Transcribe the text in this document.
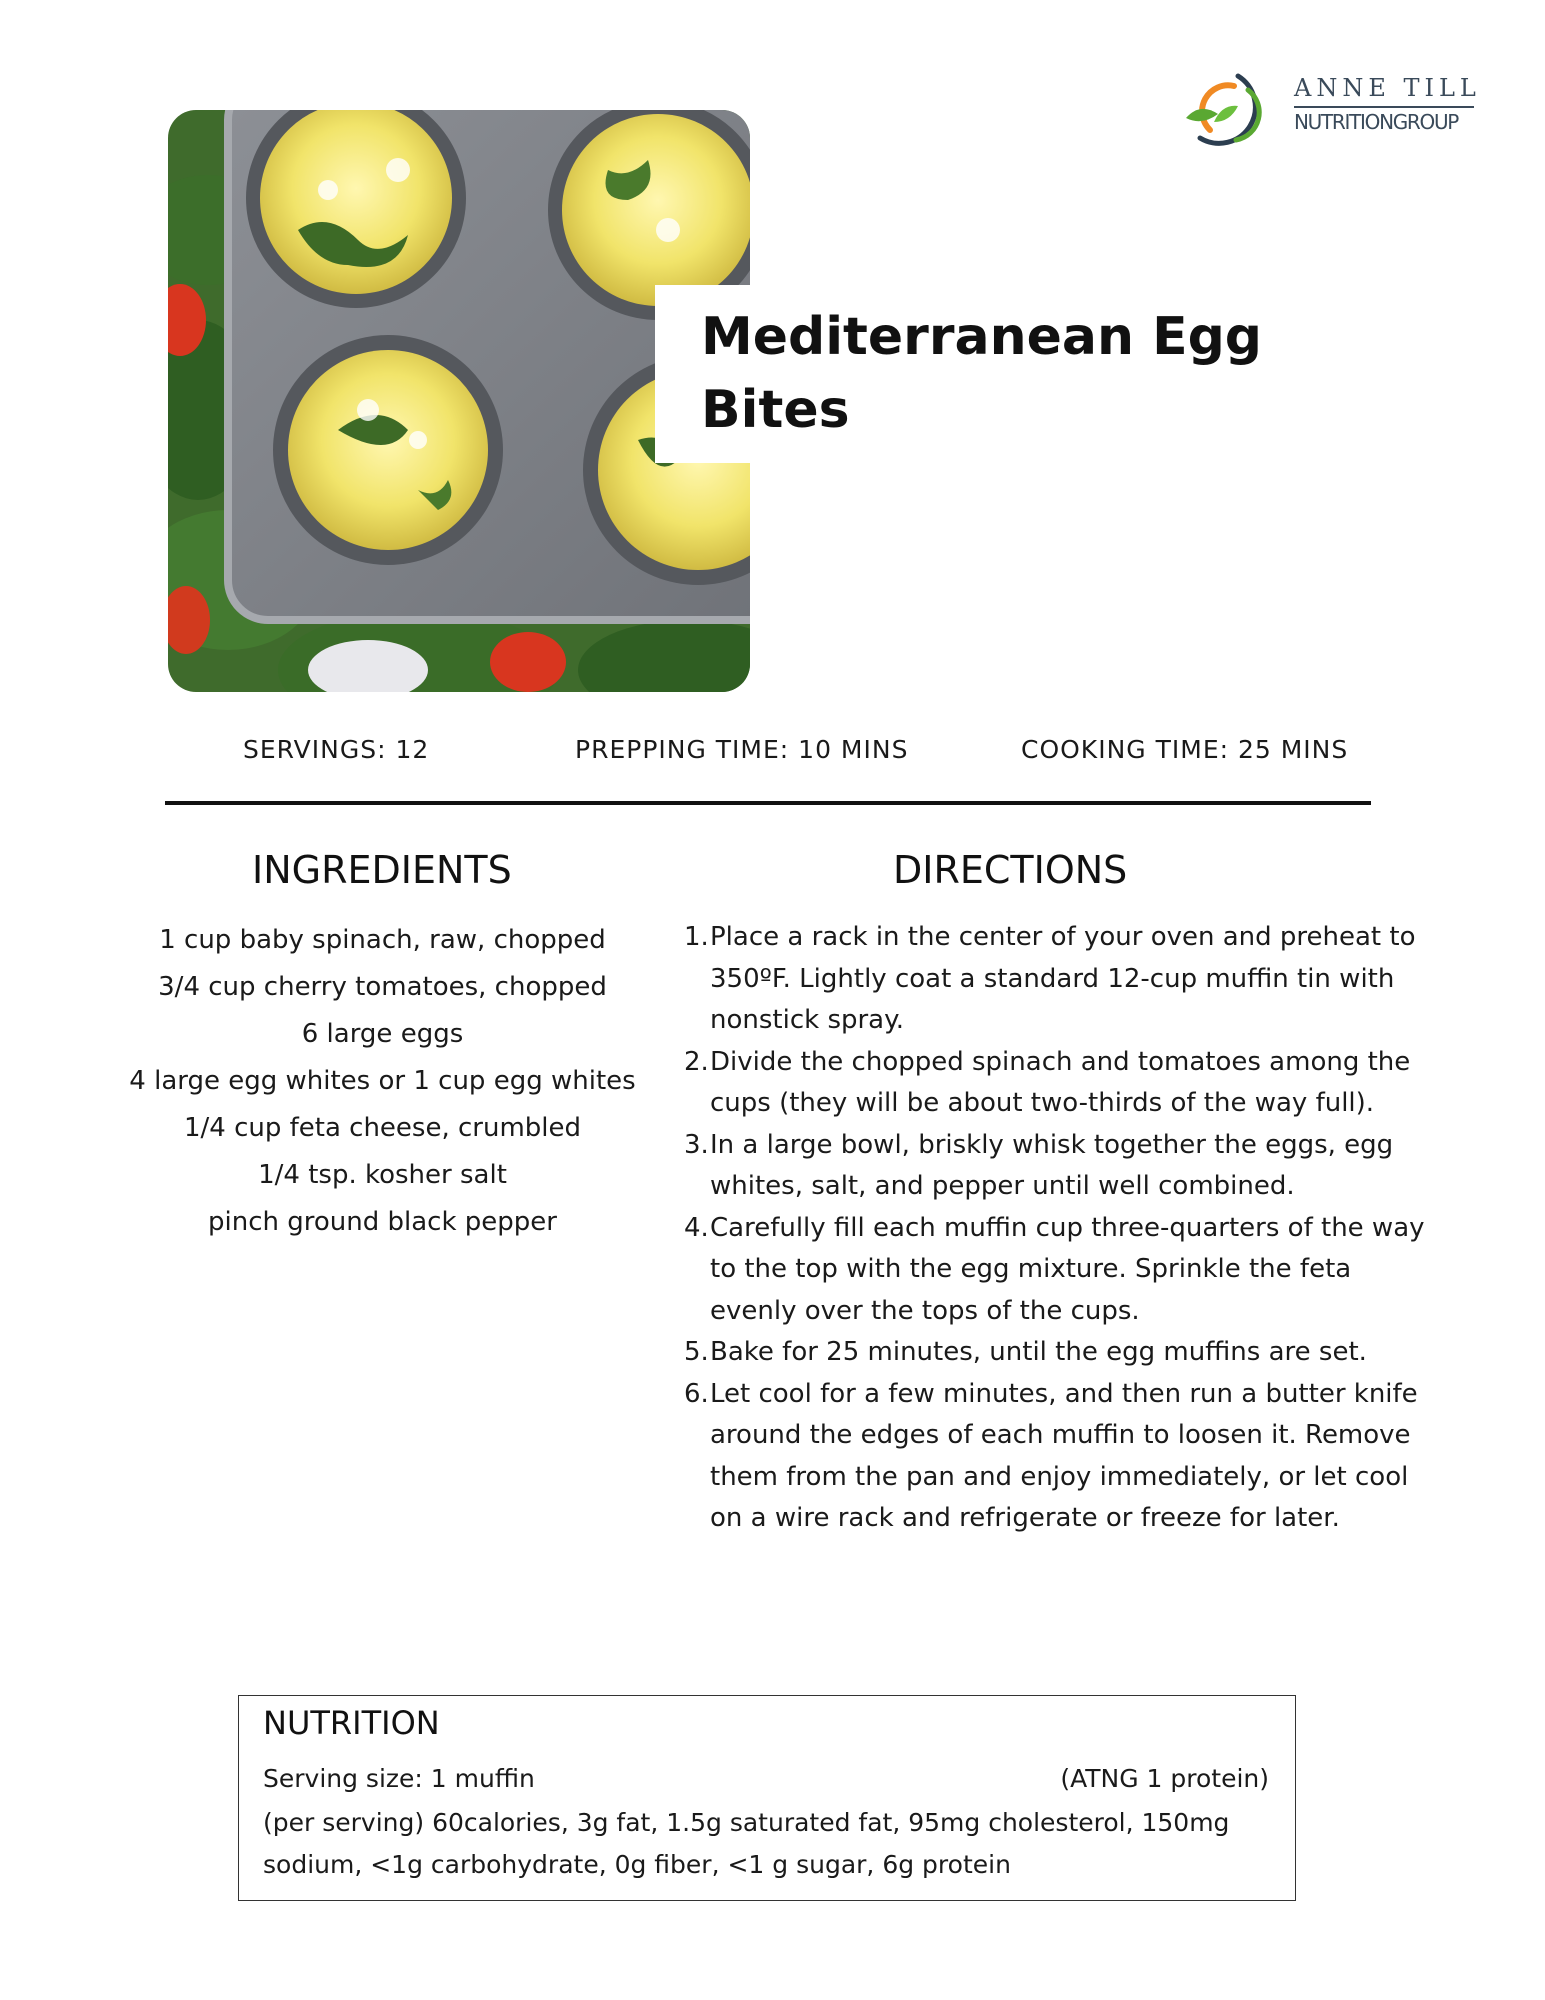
ANNE TILL
NUTRITIONGROUP
Mediterranean Egg Bites
SERVINGS: 12	PREPPING TIME: 10 MINS	COOKING TIME: 25 MINS
INGREDIENTS
1 cup baby spinach, raw, chopped
3/4 cup cherry tomatoes, chopped
6 large eggs
4 large egg whites or 1 cup egg whites
1/4 cup feta cheese, crumbled
1/4 tsp. kosher salt
pinch ground black pepper
DIRECTIONS
1. Place a rack in the center of your oven and preheat to 350ºF. Lightly coat a standard 12-cup muffin tin with nonstick spray.
2. Divide the chopped spinach and tomatoes among the cups (they will be about two-thirds of the way full).
3. In a large bowl, briskly whisk together the eggs, egg whites, salt, and pepper until well combined.
4. Carefully fill each muffin cup three-quarters of the way to the top with the egg mixture. Sprinkle the feta evenly over the tops of the cups.
5. Bake for 25 minutes, until the egg muffins are set.
6. Let cool for a few minutes, and then run a butter knife around the edges of each muffin to loosen it. Remove them from the pan and enjoy immediately, or let cool on a wire rack and refrigerate or freeze for later.
NUTRITION
Serving size: 1 muffin	(ATNG 1 protein)
(per serving) 60calories, 3g fat, 1.5g saturated fat, 95mg cholesterol, 150mg sodium, <1g carbohydrate, 0g fiber, <1 g sugar, 6g protein
